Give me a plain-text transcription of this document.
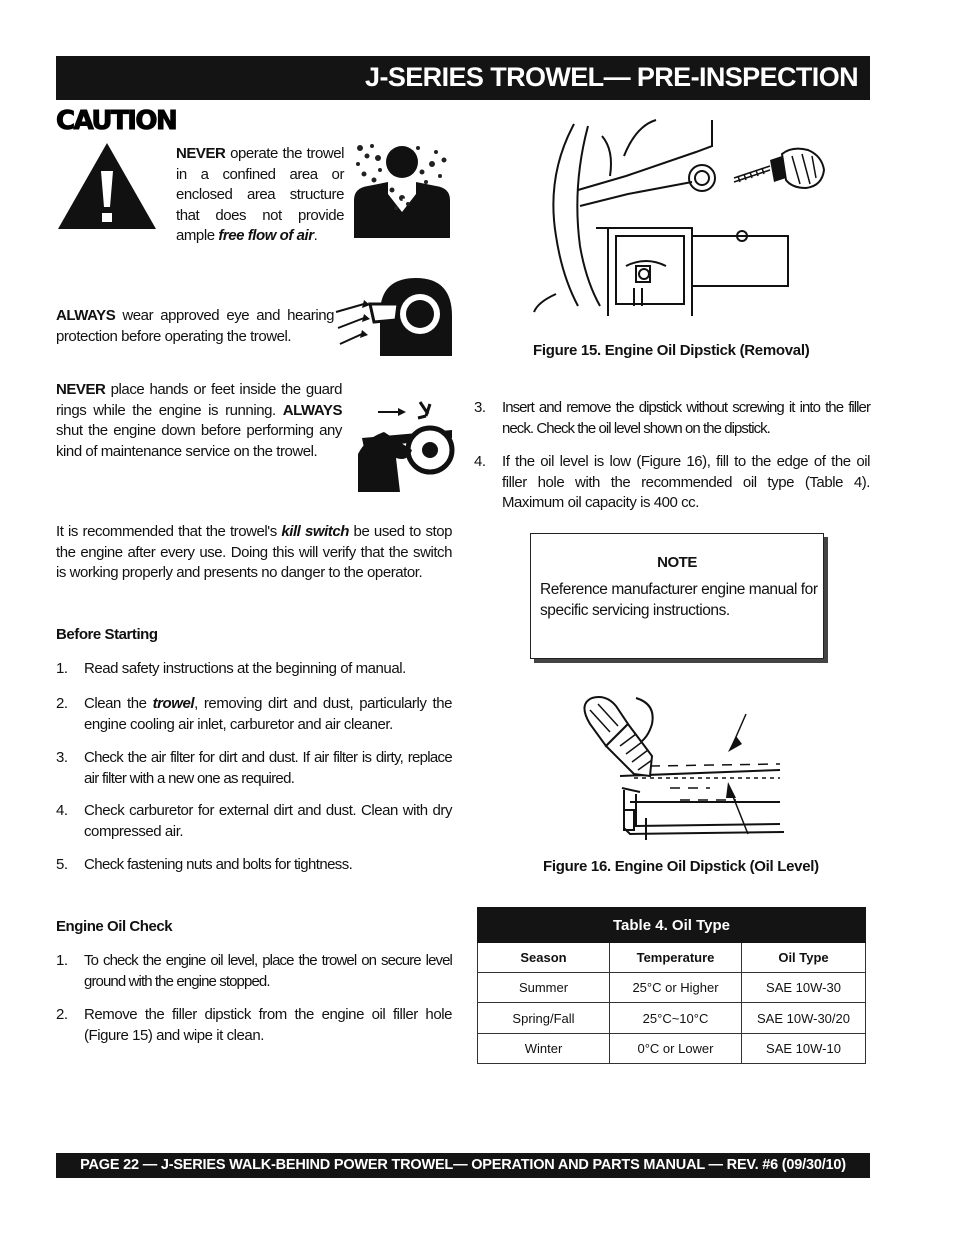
J-SERIES TROWEL— PRE-INSPECTION
CAUTION
NEVER operate the trowel in a confined area or enclosed area structure that does not provide ample free flow of air.
ALWAYS wear approved eye and hearing protection before operating the trowel.
NEVER place hands or feet inside the guard rings while the engine is running. ALWAYS shut the engine down before performing any kind of maintenance service on the trowel.
It is recommended that the trowel's kill switch be used to stop the engine after every use. Doing this will verify that the switch is working properly and presents no danger to the operator.
Before Starting
1. Read safety instructions at the beginning of manual.
2. Clean the trowel, removing dirt and dust, particularly the engine cooling air inlet, carburetor and air cleaner.
3. Check the air filter for dirt and dust. If air filter is dirty, replace air filter with a new one as required.
4. Check carburetor for external dirt and dust. Clean with dry compressed air.
5. Check fastening nuts and bolts for tightness.
Engine Oil Check
1. To check the engine oil level, place the trowel on secure level ground with the engine stopped.
2. Remove the filler dipstick from the engine oil filler hole (Figure 15) and wipe it clean.
Figure 15. Engine Oil Dipstick (Removal)
3. Insert and remove the dipstick without screwing it into the filler neck. Check the oil level shown on the dipstick.
4. If the oil level is low (Figure 16), fill to the edge of the oil filler hole with the recommended oil type (Table 4). Maximum oil capacity is 400 cc.
NOTE
Reference manufacturer engine manual for specific servicing instructions.
Figure 16. Engine Oil Dipstick (Oil Level)
Table 4. Oil Type		
Season	Temperature	Oil Type
Summer	25°C or Higher	SAE 10W-30
Spring/Fall	25°C~10°C	SAE 10W-30/20
Winter	0°C or Lower	SAE 10W-10
PAGE 22 — J-SERIES WALK-BEHIND POWER TROWEL— OPERATION AND PARTS MANUAL — REV. #6 (09/30/10)
